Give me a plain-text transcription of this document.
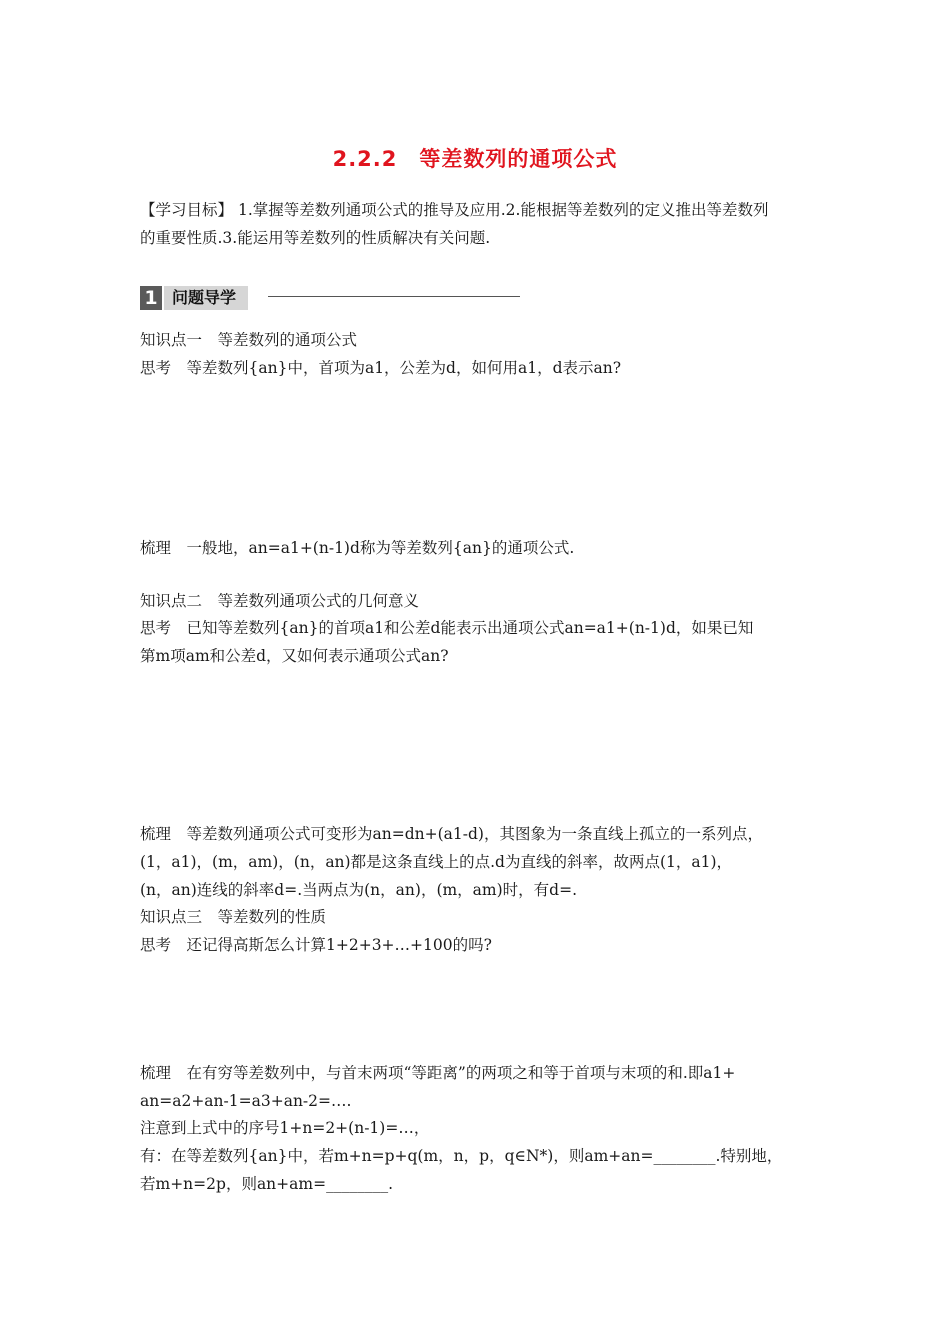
2.2.2　等差数列的通项公式
【学习目标】 1.掌握等差数列通项公式的推导及应用.2.能根据等差数列的定义推出等差数列
的重要性质.3.能运用等差数列的性质解决有关问题.
1 问题导学
知识点一　等差数列的通项公式
思考　等差数列{an}中，首项为a1，公差为d，如何用a1，d表示an?
梳理　一般地，an=a1+(n-1)d称为等差数列{an}的通项公式.
知识点二　等差数列通项公式的几何意义
思考　已知等差数列{an}的首项a1和公差d能表示出通项公式an=a1+(n-1)d，如果已知
第m项am和公差d，又如何表示通项公式an?
梳理　等差数列通项公式可变形为an=dn+(a1-d)，其图象为一条直线上孤立的一系列点，
(1，a1)，(m，am)，(n，an)都是这条直线上的点.d为直线的斜率，故两点(1，a1)，
(n，an)连线的斜率d=.当两点为(n，an)，(m，am)时，有d=.
知识点三　等差数列的性质
思考　还记得高斯怎么计算1+2+3+…+100的吗?
梳理　在有穷等差数列中，与首末两项“等距离”的两项之和等于首项与末项的和.即a1+
an=a2+an-1=a3+an-2=….
注意到上式中的序号1+n=2+(n-1)=…，
有：在等差数列{an}中，若m+n=p+q(m，n，p，q∈N*)，则am+an=________.特别地，
若m+n=2p，则an+am=________.
